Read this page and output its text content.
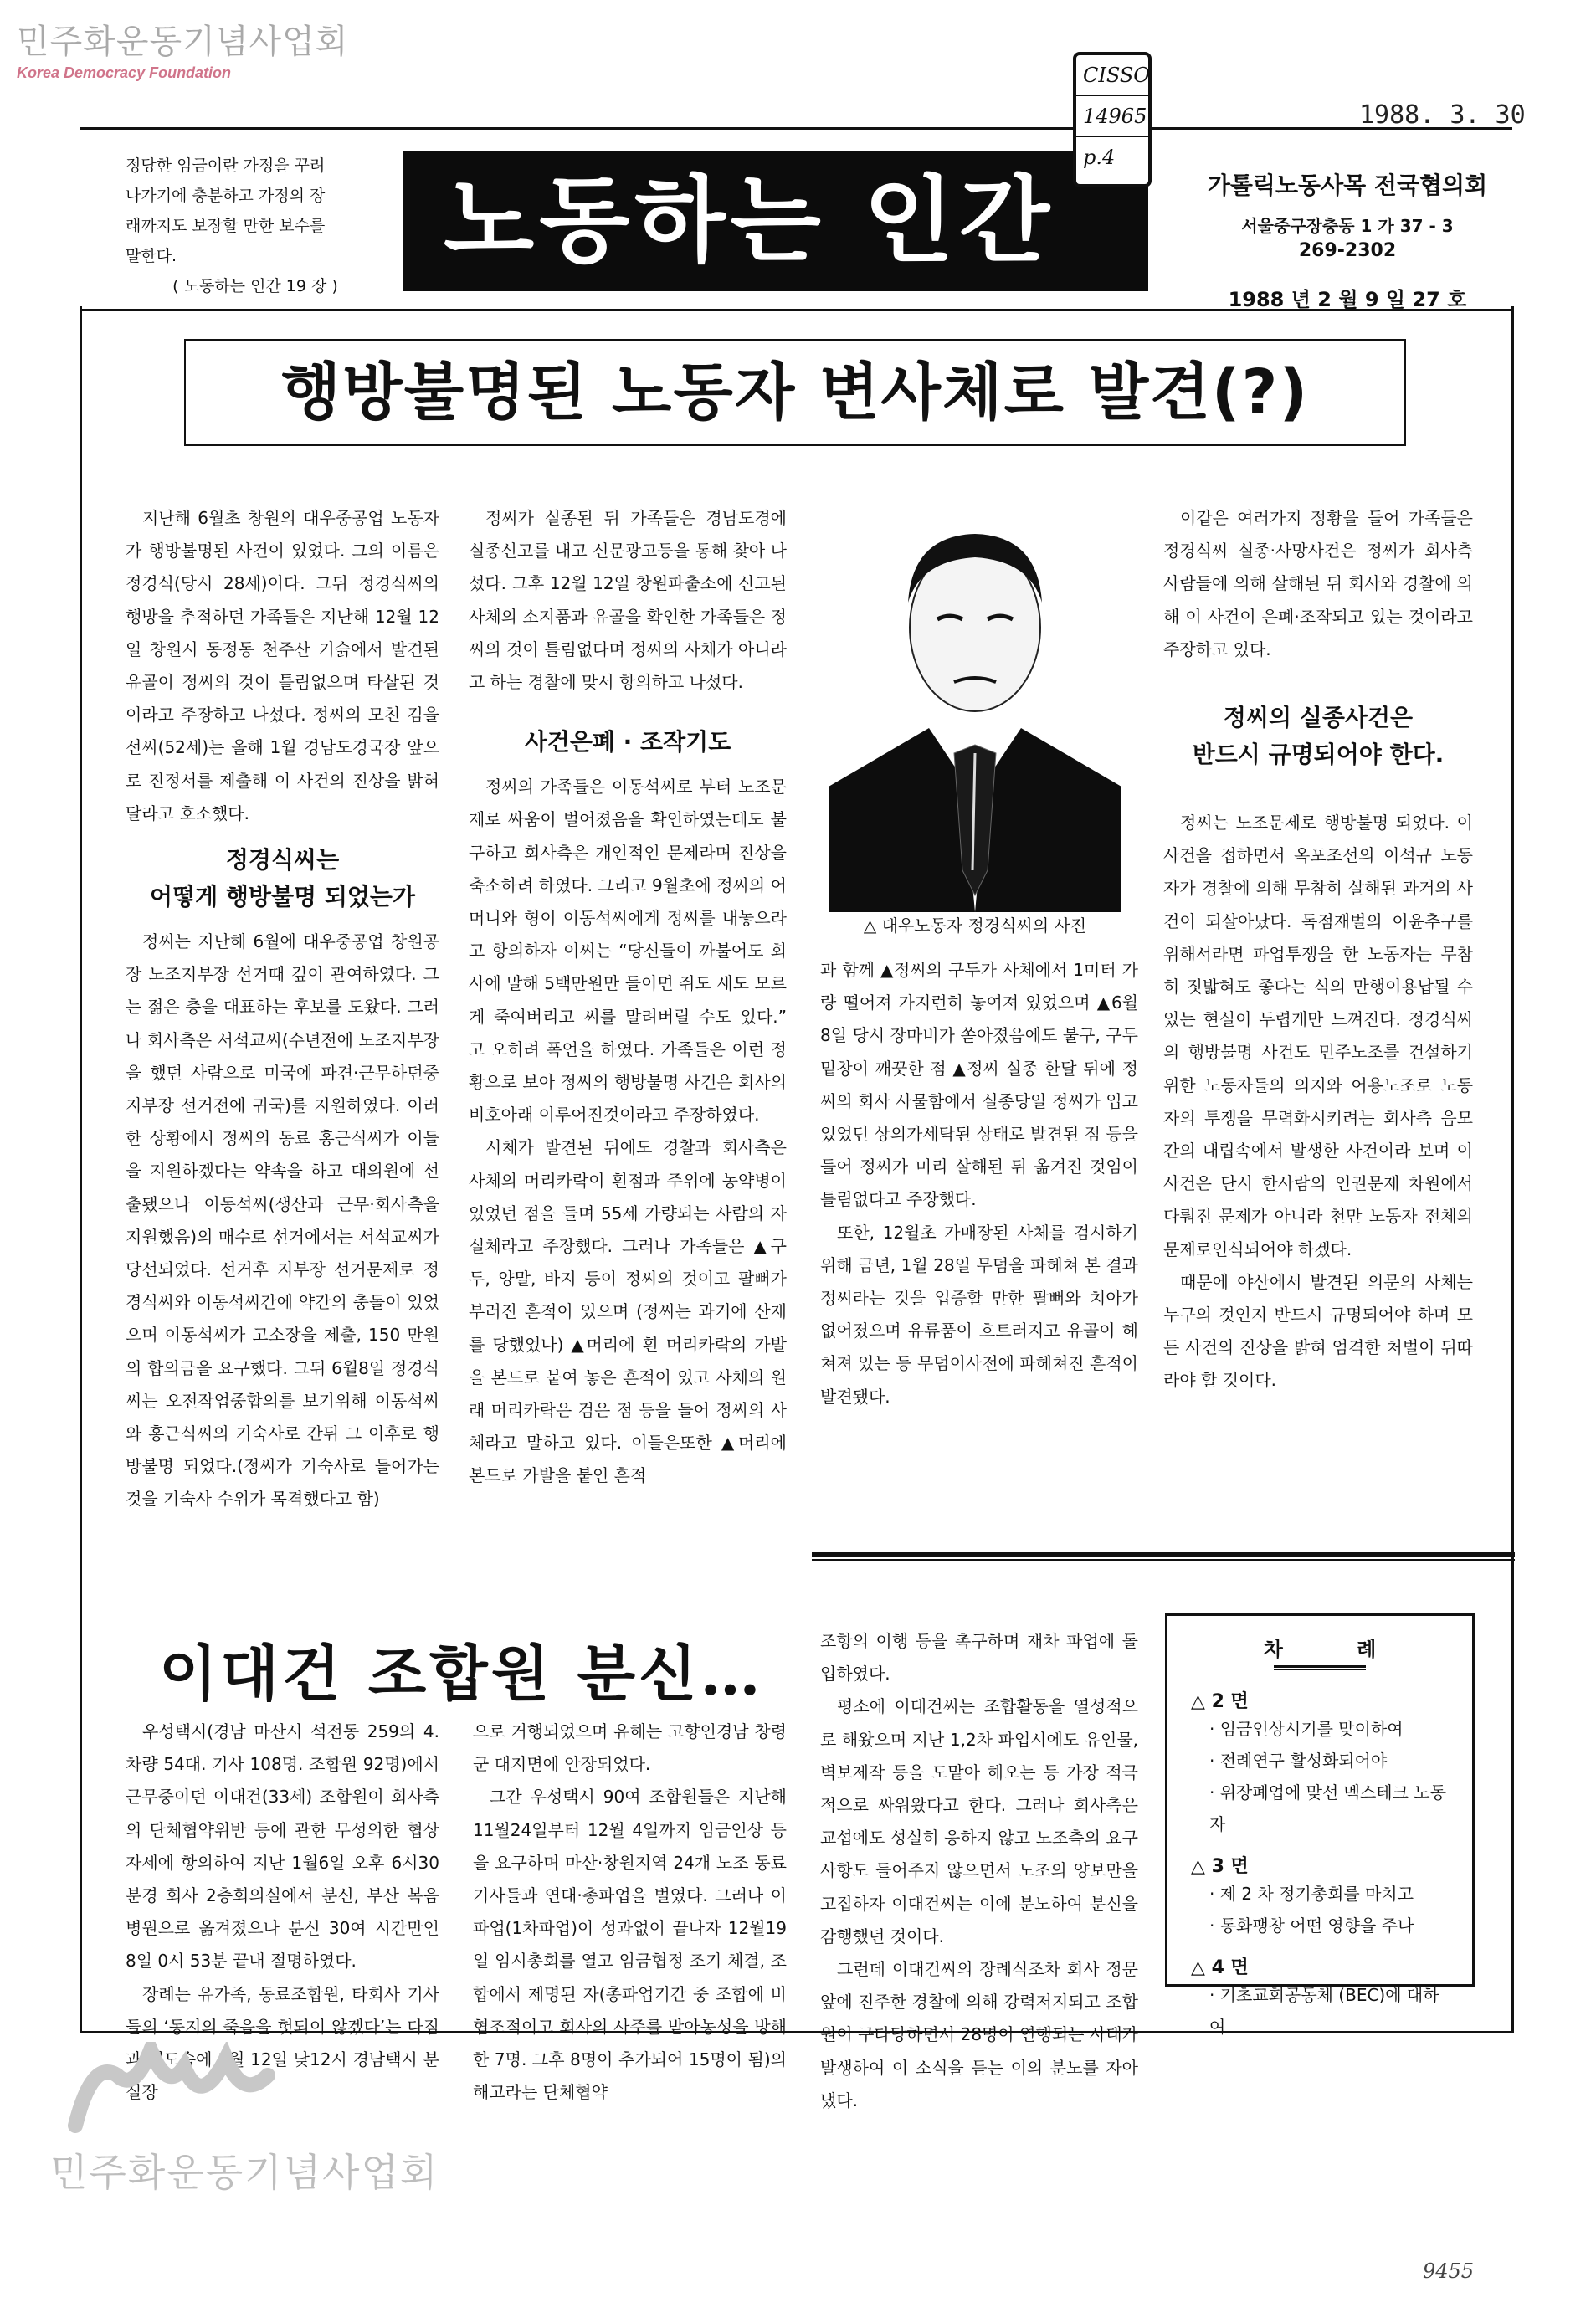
민주화운동기념사업회
Korea Democracy Foundation
정당한 임금이란 가정을 꾸려
나가기에 충분하고 가정의 장
래까지도 보장할 만한 보수를
말한다.
( 노동하는 인간 19 장 )
노동하는 인간
CISSO
14965
p.4
1988. 3. 30
가톨릭노동사목 전국협의회
서울중구장충동 1 가 37 - 3
269-2302
1988 년 2 월 9 일 27 호
행방불명된 노동자 변사체로 발견(?)

지난해 6월초 창원의 대우중공업 노동자가 행방불명된 사건이 있었다. 그의 이름은 정경식(당시 28세)이다. 그뒤 정경식씨의 행방을 추적하던 가족들은 지난해 12월 12일 창원시 동정동 천주산 기슭에서 발견된 유골이 정씨의 것이 틀림없으며 타살된 것이라고 주장하고 나섰다. 정씨의 모친 김을선씨(52세)는 올해 1월 경남도경국장 앞으로 진정서를 제출해 이 사건의 진상을 밝혀달라고 호소했다.

정경식씨는
어떻게 행방불명 되었는가

정씨는 지난해 6월에 대우중공업 창원공장 노조지부장 선거때 깊이 관여하였다. 그는 젊은 층을 대표하는 후보를 도왔다. 그러나 회사측은 서석교씨(수년전에 노조지부장을 했던 사람으로 미국에 파견·근무하던중 지부장 선거전에 귀국)를 지원하였다. 이러한 상황에서 정씨의 동료 홍근식씨가 이들을 지원하겠다는 약속을 하고 대의원에 선출됐으나 이동석씨(생산과 근무·회사측을 지원했음)의 매수로 선거에서는 서석교씨가 당선되었다. 선거후 지부장 선거문제로 정경식씨와 이동석씨간에 약간의 충돌이 있었으며 이동석씨가 고소장을 제출, 150 만원의 합의금을 요구했다. 그뒤 6월8일 정경식씨는 오전작업중합의를 보기위해 이동석씨와 홍근식씨의 기숙사로 간뒤 그 이후로 행방불명 되었다.(정씨가 기숙사로 들어가는 것을 기숙사 수위가 목격했다고 함)

정씨가 실종된 뒤 가족들은 경남도경에 실종신고를 내고 신문광고등을 통해 찾아 나섰다. 그후 12월 12일 창원파출소에 신고된 사체의 소지품과 유골을 확인한 가족들은 정씨의 것이 틀림없다며 정씨의 사체가 아니라고 하는 경찰에 맞서 항의하고 나섰다.

사건은폐 · 조작기도

정씨의 가족들은 이동석씨로 부터 노조문제로 싸움이 벌어졌음을 확인하였는데도 불구하고 회사측은 개인적인 문제라며 진상을 축소하려 하였다. 그리고 9월초에 정씨의 어머니와 형이 이동석씨에게 정씨를 내놓으라고 항의하자 이씨는 “당신들이 까불어도 회사에 말해 5백만원만 들이면 쥐도 새도 모르게 죽여버리고 씨를 말려버릴 수도 있다.” 고 오히려 폭언을 하였다. 가족들은 이런 정황으로 보아 정씨의 행방불명 사건은 회사의 비호아래 이루어진것이라고 주장하였다.

시체가 발견된 뒤에도 경찰과 회사측은 사체의 머리카락이 흰점과 주위에 농약병이 있었던 점을 들며 55세 가량되는 사람의 자실체라고 주장했다. 그러나 가족들은 ▲구두, 양말, 바지 등이 정씨의 것이고 팔뻐가 부러진 흔적이 있으며 (정씨는 과거에 산재를 당했었나) ▲머리에 흰 머리카락의 가발을 본드로 붙여 놓은 흔적이 있고 사체의 원래 머리카락은 검은 점 등을 들어 정씨의 사체라고 말하고 있다. 이들은또한 ▲머리에 본드로 가발을 붙인 흔적

△ 대우노동자 정경식씨의 사진

과 함께 ▲정씨의 구두가 사체에서 1미터 가량 떨어져 가지런히 놓여져 있었으며 ▲6월8일 당시 장마비가 쏟아졌음에도 불구, 구두밑창이 깨끗한 점 ▲정씨 실종 한달 뒤에 정씨의 회사 사물함에서 실종당일 정씨가 입고 있었던 상의가세탁된 상태로 발견된 점 등을 들어 정씨가 미리 살해된 뒤 옮겨진 것임이 틀림없다고 주장했다.

또한, 12월초 가매장된 사체를 검시하기 위해 금년, 1월 28일 무덤을 파헤쳐 본 결과 정씨라는 것을 입증할 만한 팔뻐와 치아가 없어졌으며 유류품이 흐트러지고 유골이 헤쳐져 있는 등 무덤이사전에 파헤쳐진 흔적이 발견됐다.

이같은 여러가지 정황을 들어 가족들은 정경식씨 실종·사망사건은 정씨가 회사측 사람들에 의해 살해된 뒤 회사와 경찰에 의해 이 사건이 은폐·조작되고 있는 것이라고 주장하고 있다.

정씨의 실종사건은
반드시 규명되어야 한다.

정씨는 노조문제로 행방불명 되었다. 이 사건을 접하면서 옥포조선의 이석규 노동자가 경찰에 의해 무참히 살해된 과거의 사건이 되살아났다. 독점재벌의 이윤추구를 위해서라면 파업투쟁을 한 노동자는 무참히 짓밟혀도 좋다는 식의 만행이용납될 수 있는 현실이 두렵게만 느껴진다. 정경식씨의 행방불명 사건도 민주노조를 건설하기 위한 노동자들의 의지와 어용노조로 노동자의 투쟁을 무력화시키려는 회사측 음모간의 대립속에서 발생한 사건이라 보며 이 사건은 단시 한사람의 인권문제 차원에서 다뤄진 문제가 아니라 천만 노동자 전체의 문제로인식되어야 하겠다.

때문에 야산에서 발견된 의문의 사체는 누구의 것인지 반드시 규명되어야 하며 모든 사건의 진상을 밝혀 엄격한 처벌이 뒤따라야 할 것이다.

이대건 조합원 분신…

우성택시(경남 마산시 석전동 259의 4. 차량 54대. 기사 108명. 조합원 92명)에서 근무중이던 이대건(33세) 조합원이 회사측의 단체협약위반 등에 관한 무성의한 협상자세에 항의하여 지난 1월6일 오후 6시30분경 회사 2층회의실에서 분신, 부산 복음병원으로 옮겨졌으나 분신 30여 시간만인 8일 0시 53분 끝내 절명하였다.

장례는 유가족, 동료조합원, 타회사 기사들의 ‘동지의 죽음을 헛되이 않겠다’는 다짐과 애도속에 1월 12일 낮12시 경남택시 분실장

으로 거행되었으며 유해는 고향인경남 창령군 대지면에 안장되었다.

그간 우성택시 90여 조합원들은 지난해 11월24일부터 12월 4일까지 임금인상 등을 요구하며 마산·창원지역 24개 노조 동료기사들과 연대·총파업을 벌였다. 그러나 이 파업(1차파업)이 성과없이 끝나자 12월19일 임시총회를 열고 임금협정 조기 체결, 조합에서 제명된 자(총파업기간 중 조합에 비협조적이고 회사의 사주를 받아농성을 방해한 7명. 그후 8명이 추가되어 15명이 됨)의 해고라는 단체협약

조항의 이행 등을 촉구하며 재차 파업에 돌입하였다.

평소에 이대건씨는 조합활동을 열성적으로 해왔으며 지난 1,2차 파업시에도 유인물, 벽보제작 등을 도맡아 해오는 등 가장 적극적으로 싸워왔다고 한다. 그러나 회사측은 교섭에도 성실히 응하지 않고 노조측의 요구사항도 들어주지 않으면서 노조의 양보만을 고집하자 이대건씨는 이에 분노하여 분신을 감행했던 것이다.

그런데 이대건씨의 장례식조차 회사 정문앞에 진주한 경찰에 의해 강력저지되고 조합원이 구타당하면서 28명이 연행되는 사태가 발생하여 이 소식을 듣는 이의 분노를 자아냈다.

차 례
△ 2 면
· 임금인상시기를 맞이하여
· 전례연구 활성화되어야
· 위장폐업에 맞선 멕스테크 노동자
△ 3 면
· 제 2 차 정기총회를 마치고
· 통화팽창 어떤 영향을 주나
△ 4 면
· 기초교회공동체 (BEC)에 대하여
민주화운동기념사업회
9455
